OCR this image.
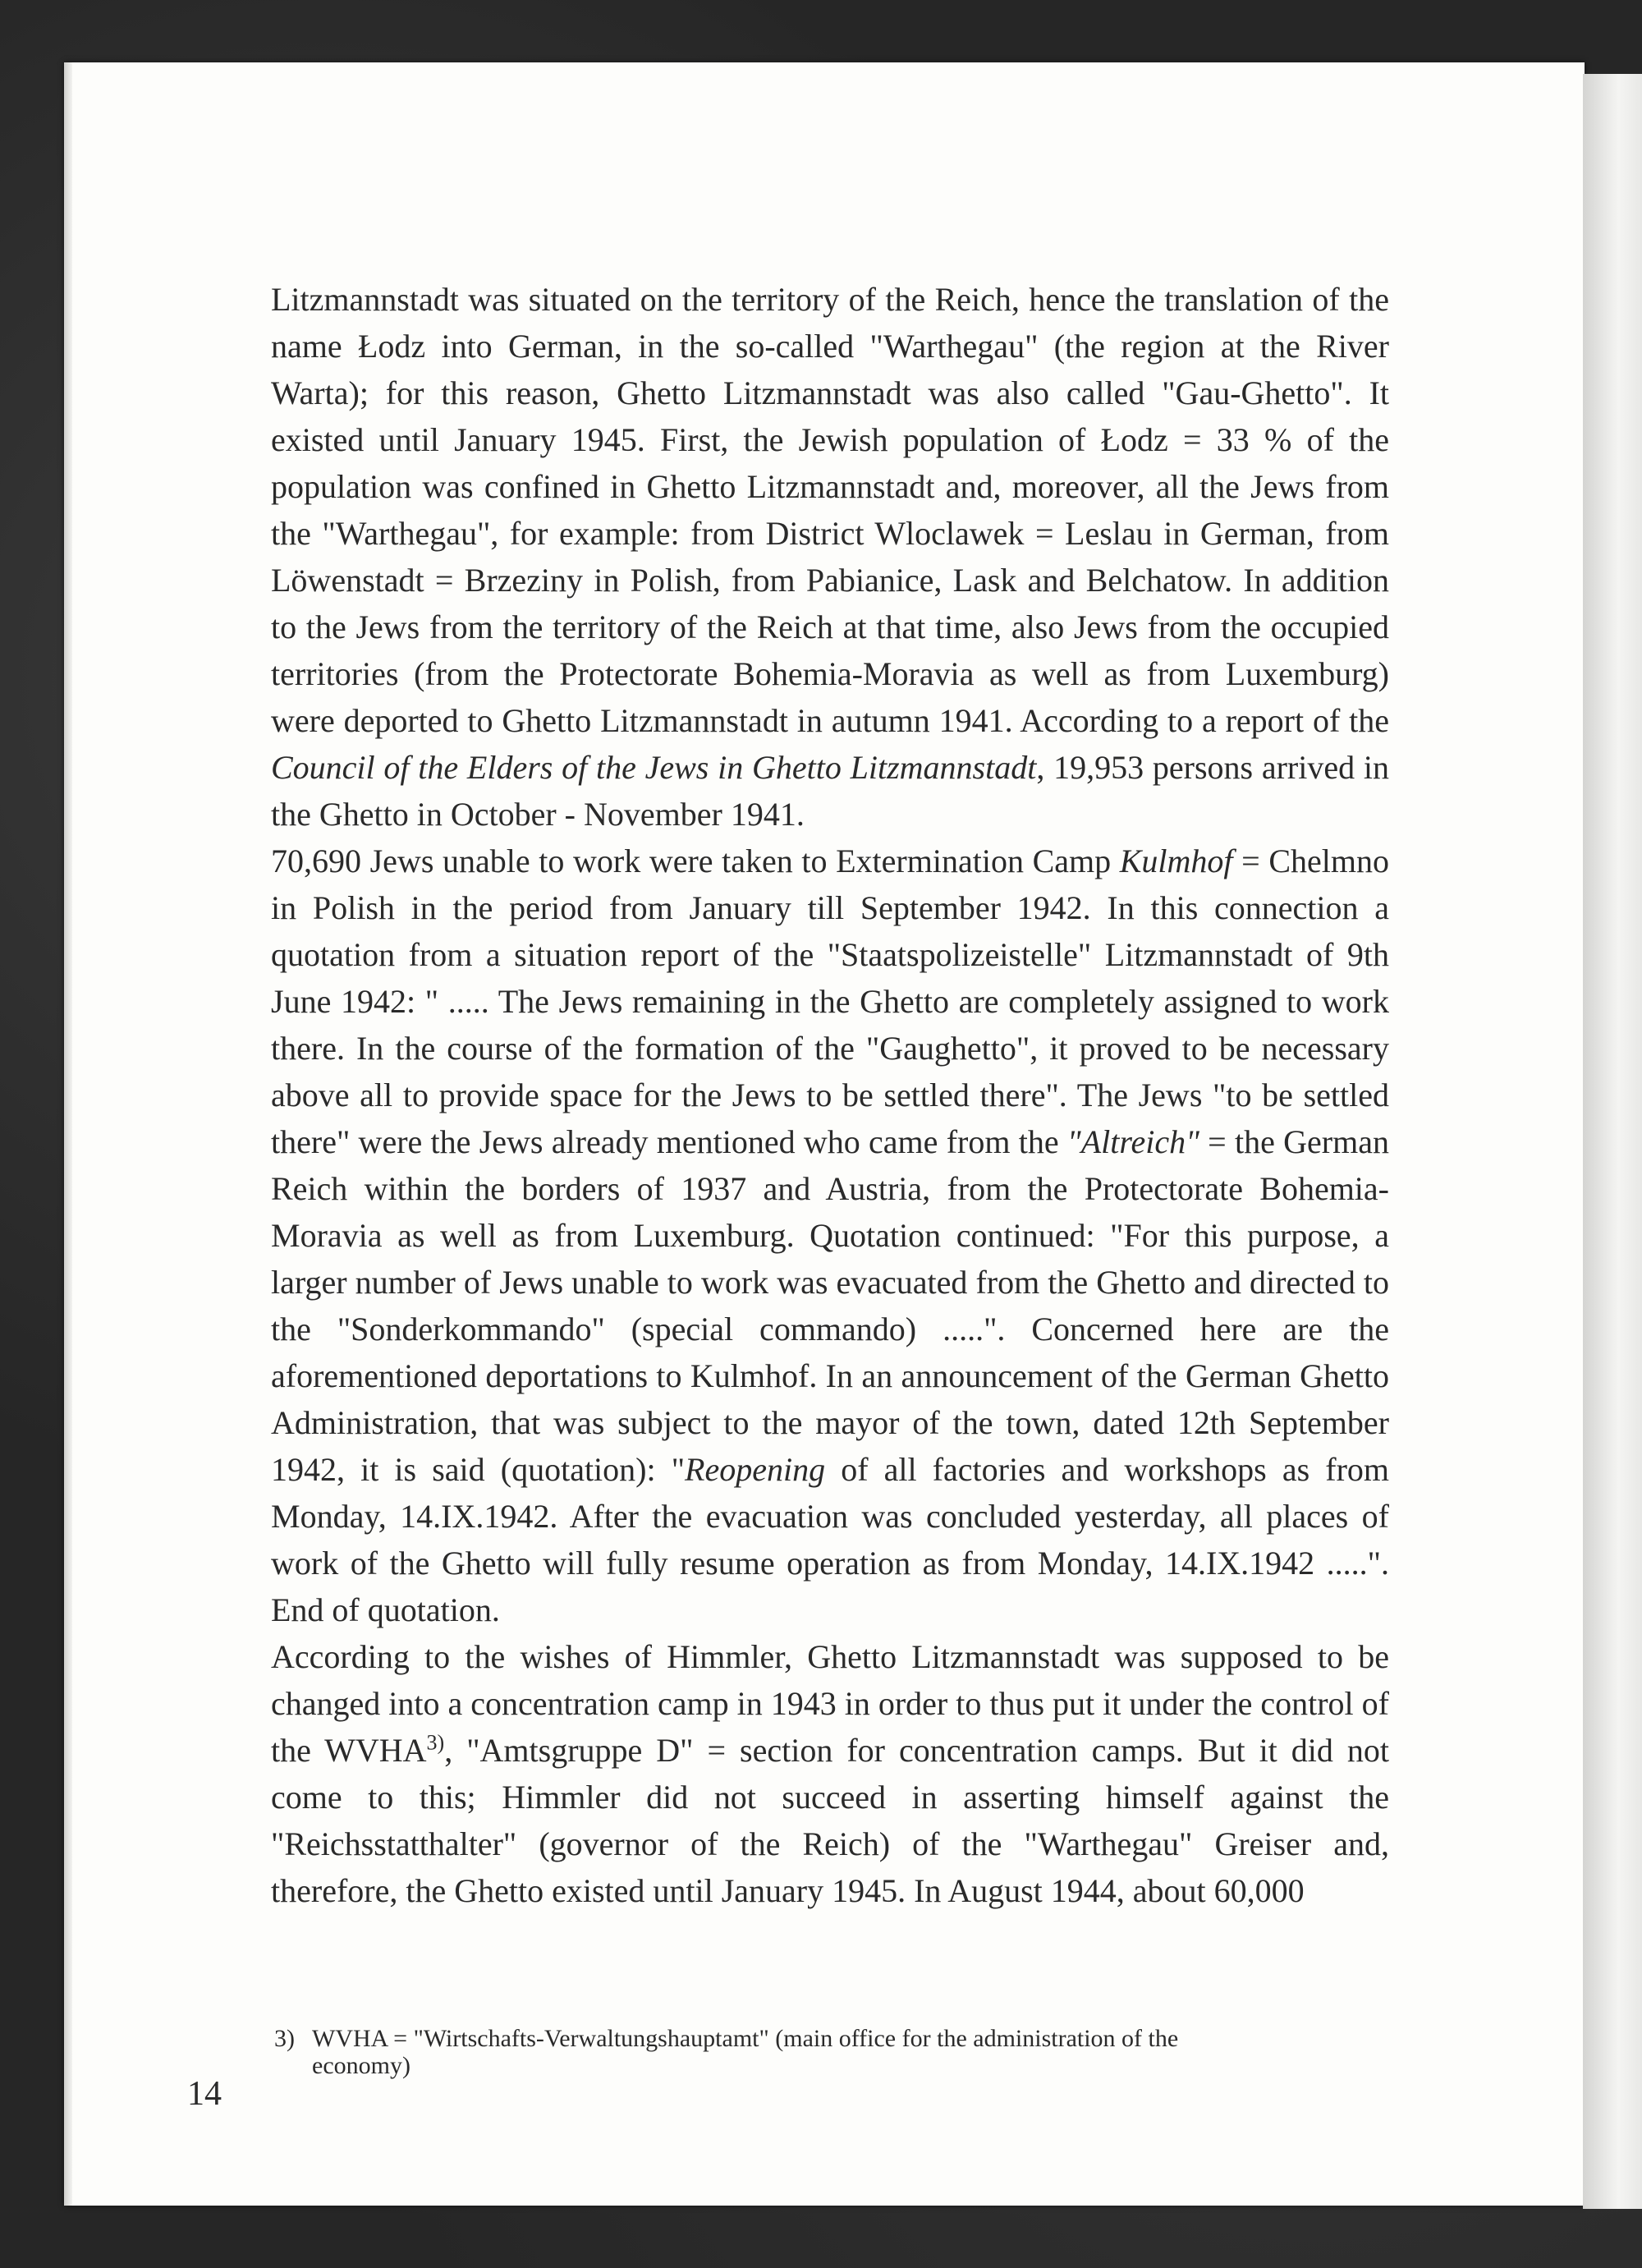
Litzmannstadt was situated on the territory of the Reich, hence the translation of the name Łodz into German, in the so-called "Warthegau" (the region at the River Warta); for this reason, Ghetto Litzmannstadt was also called "Gau-Ghetto". It existed until January 1945. First, the Jewish population of Łodz = 33 % of the population was confined in Ghetto Litzmannstadt and, moreover, all the Jews from the "Warthegau", for example: from District Wloclawek = Leslau in German, from Löwenstadt = Brzeziny in Polish, from Pabianice, Lask and Belchatow. In addition to the Jews from the territory of the Reich at that time, also Jews from the occupied territories (from the Protectorate Bohemia-Moravia as well as from Luxemburg) were deported to Ghetto Litzmannstadt in autumn 1941. According to a report of the Council of the Elders of the Jews in Ghetto Litzmannstadt, 19,953 persons arrived in the Ghetto in October - November 1941.

70,690 Jews unable to work were taken to Extermination Camp Kulmhof = Chelmno in Polish in the period from January till September 1942. In this connection a quotation from a situation report of the "Staatspolizeistelle" Litzmannstadt of 9th June 1942: " ..... The Jews remaining in the Ghetto are completely assigned to work there. In the course of the formation of the "Gaughetto", it proved to be necessary above all to provide space for the Jews to be settled there". The Jews "to be settled there" were the Jews already mentioned who came from the "Altreich" = the German Reich within the borders of 1937 and Austria, from the Protectorate Bohemia-Moravia as well as from Luxemburg. Quotation continued: "For this purpose, a larger number of Jews unable to work was evacuated from the Ghetto and directed to the "Sonderkommando" (special commando) .....". Concerned here are the aforementioned deportations to Kulmhof. In an announcement of the German Ghetto Administration, that was subject to the mayor of the town, dated 12th September 1942, it is said (quotation): "Reopening of all factories and workshops as from Monday, 14.IX.1942. After the evacuation was concluded yesterday, all places of work of the Ghetto will fully resume operation as from Monday, 14.IX.1942 .....". End of quotation.

According to the wishes of Himmler, Ghetto Litzmannstadt was supposed to be changed into a concentration camp in 1943 in order to thus put it under the control of the WVHA$^{3)}$, "Amtsgruppe D" = section for concentration camps. But it did not come to this; Himmler did not succeed in asserting himself against the "Reichsstatthalter" (governor of the Reich) of the "Warthegau" Greiser and, therefore, the Ghetto existed until January 1945. In August 1944, about 60,000

3) WVHA = "Wirtschafts-Verwaltungshauptamt" (main office for the administration of the
economy)
14
